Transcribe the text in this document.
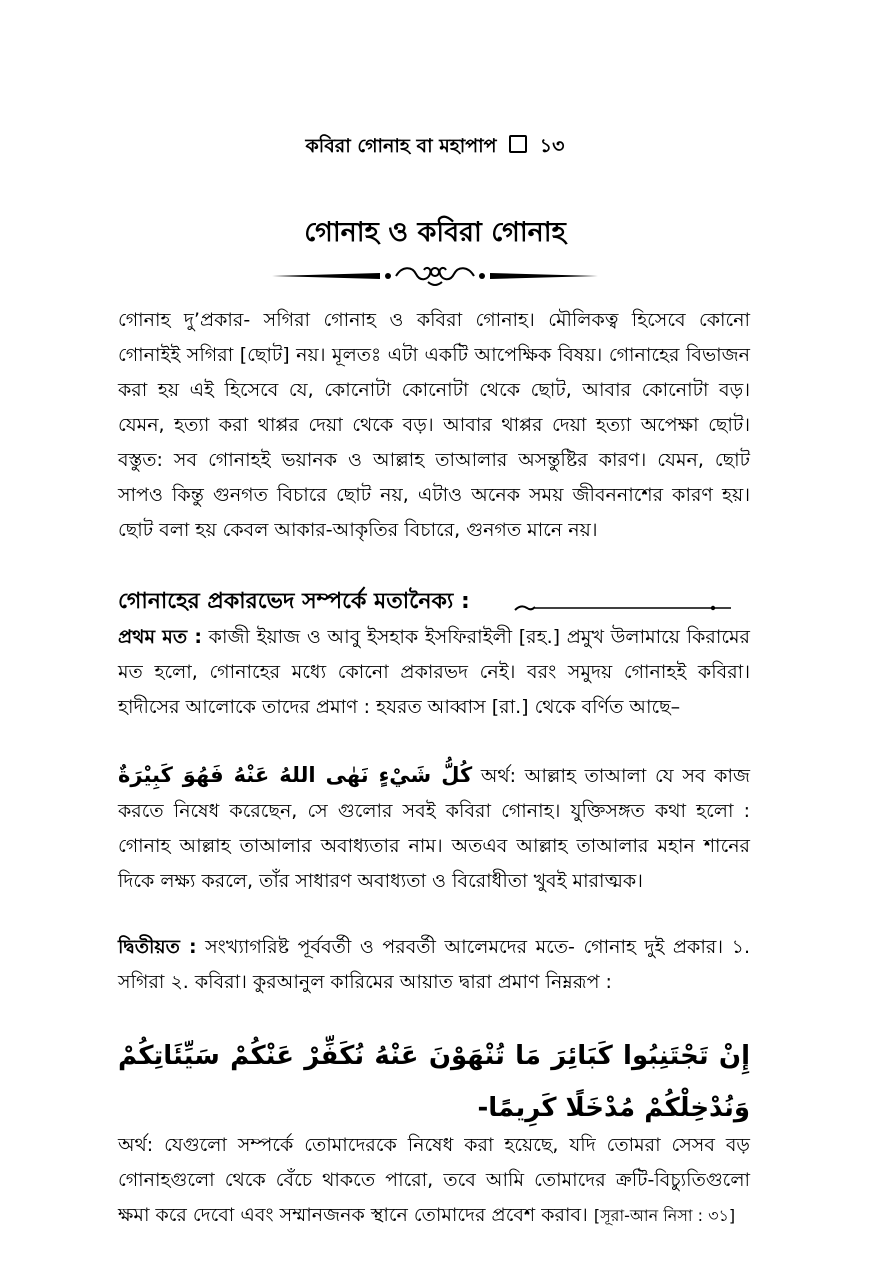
কবিরা গোনাহ বা মহাপাপ ১৩
গোনাহ ও কবিরা গোনাহ
গোনাহ দু’প্রকার- সগিরা গোনাহ ও কবিরা গোনাহ। মৌলিকত্ব হিসেবে কোনো গোনাইই সগিরা [ছোট] নয়। মূলতঃ এটা একটি আপেক্ষিক বিষয়। গোনাহের বিভাজন করা হয় এই হিসেবে যে, কোনোটা কোনোটা থেকে ছোট, আবার কোনোটা বড়। যেমন, হত্যা করা থাপ্পর দেয়া থেকে বড়। আবার থাপ্পর দেয়া হত্যা অপেক্ষা ছোট। বস্তুত: সব গোনাহই ভয়ানক ও আল্লাহ তাআলার অসন্তুষ্টির কারণ। যেমন, ছোট সাপও কিন্তু গুনগত বিচারে ছোট নয়, এটাও অনেক সময় জীবননাশের কারণ হয়। ছোট বলা হয় কেবল আকার-আকৃতির বিচারে, গুনগত মানে নয়।
গোনাহের প্রকারভেদ সম্পর্কে মতানৈক্য :
প্রথম মত : কাজী ইয়াজ ও আবু ইসহাক ইসফিরাইলী [রহ.] প্রমুখ উলামায়ে কিরামের মত হলো, গোনাহের মধ্যে কোনো প্রকারভদ নেই। বরং সমুদয় গোনাহই কবিরা। হাদীসের আলোকে তাদের প্রমাণ : হযরত আব্বাস [রা.] থেকে বর্ণিত আছে–
كُلُّ شَيْءٍ نَهٰى اللهُ عَنْهُ فَهُوَ كَبِيْرَةٌ অর্থ: আল্লাহ তাআলা যে সব কাজ করতে নিষেধ করেছেন, সে গুলোর সবই কবিরা গোনাহ। যুক্তিসঙ্গত কথা হলো : গোনাহ আল্লাহ তাআলার অবাধ্যতার নাম। অতএব আল্লাহ তাআলার মহান শানের দিকে লক্ষ্য করলে, তাঁর সাধারণ অবাধ্যতা ও বিরোধীতা খুবই মারাত্মক।
দ্বিতীয়ত : সংখ্যাগরিষ্ট পূর্ববর্তী ও পরবর্তী আলেমদের মতে- গোনাহ দুই প্রকার। ১. সগিরা ২. কবিরা। কুরআনুল কারিমের আয়াত দ্বারা প্রমাণ নিম্নরূপ :
إِنْ تَجْتَنِبُوا كَبَائِرَ مَا تُنْهَوْنَ عَنْهُ نُكَفِّرْ عَنْكُمْ سَيِّئَاتِكُمْ وَنُدْخِلْكُمْ مُدْخَلًا كَرِيمًا-
অর্থ: যেগুলো সম্পর্কে তোমাদেরকে নিষেধ করা হয়েছে, যদি তোমরা সেসব বড় গোনাহগুলো থেকে বেঁচে থাকতে পারো, তবে আমি তোমাদের ক্রটি-বিচ্যুতিগুলো ক্ষমা করে দেবো এবং সম্মানজনক স্থানে তোমাদের প্রবেশ করাব। [সূরা-আন নিসা : ৩১]
